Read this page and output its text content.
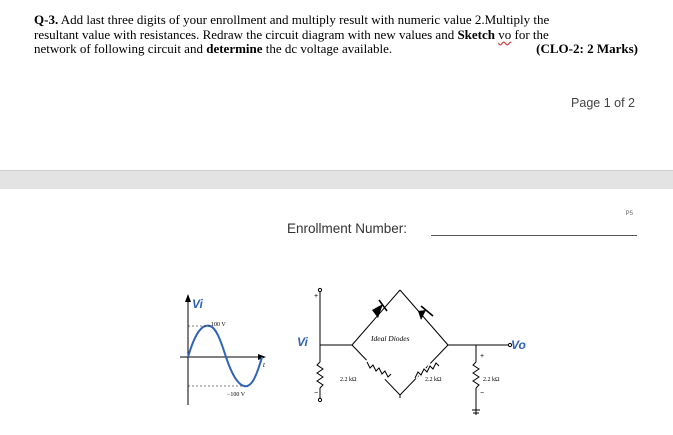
Q-3. Add last three digits of your enrollment and multiply result with numeric value 2.Multiply the
resultant value with resistances. Redraw the circuit diagram with new values and Sketch vo for the
network of following circuit and determine the dc voltage available.	(CLO-2: 2 Marks)
Page 1 of 2
P5
Enrollment Number:
Vi
100 V
−100 V
t
Vi	Ideal Diodes	Vo
2.2 kΩ	2.2 kΩ	2.2 kΩ
+
−
+
−
